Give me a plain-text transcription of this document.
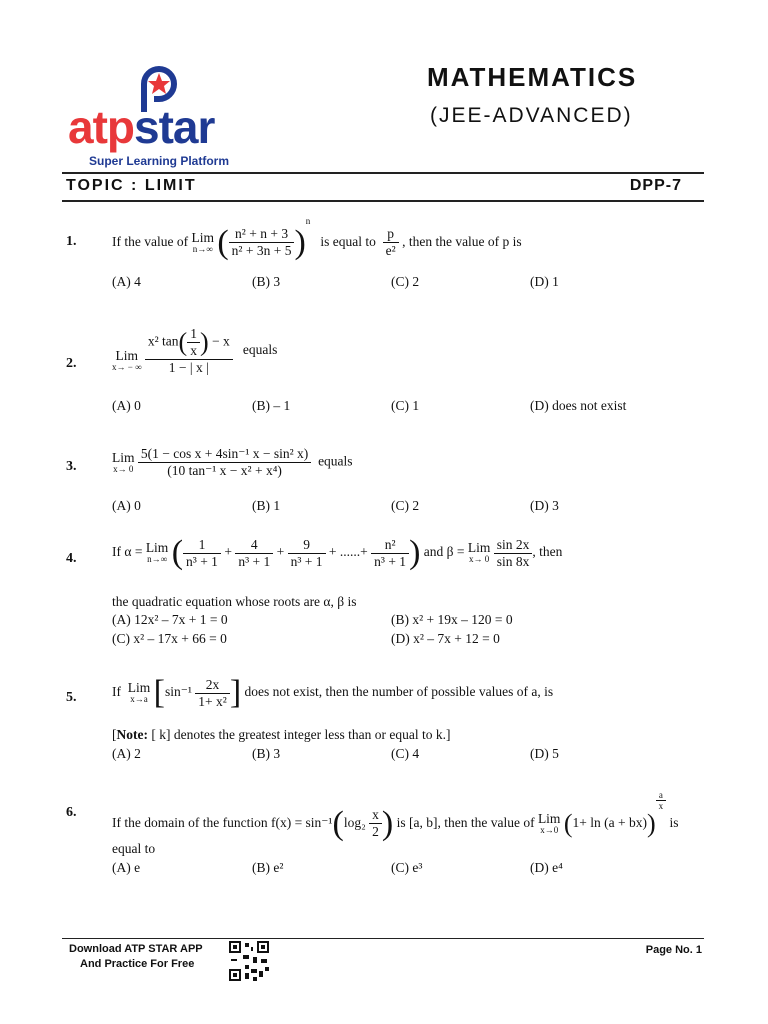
atpstar
Super Learning Platform
MATHEMATICS
(JEE-ADVANCED)
TOPIC : LIMIT	DPP-7
1.	If the value of Lim
n→∞ ( $\frac{\text{n² + n + 3}}{\text{n² + 3n + 5}} )^n$   is equal to $\frac{p}{\text{e²}}$ , then the value of p is
(A) 4	(B) 3	(C) 2	(D) 1
2.
Lim
x→ − ∞
$\frac{x^2 \tan( \frac{1}{x} ) - x}{1 - | x |}$ equals
(A) 0	(B) – 1	(C) 1	(D) does not exist
3.
Lim
x→ 0
$\frac{\text{5(1 − cos x + 4sin⁻¹ x − sin² x)}}{\text{(10 tan⁻¹ x − x² + x⁴)}}$ equals
(A) 0	(B) 1	(C) 2	(D) 3
4.	If α = Lim
n→∞ ( $\frac{1}{\text{n³ + 1}} + \frac{4}{\text{n³ + 1}} + \frac{9}{\text{n³ + 1}}$ + ......+ $\frac{\text{n²}}{\text{n³ + 1}}$ ) and β = Lim
x→ 0
$\frac{\sin 2x}{\sin 8x}$ , then
the quadratic equation whose roots are α, β is
(A) 12x² – 7x + 1 = 0	(B) x² + 19x – 120 = 0
(C) x² – 17x + 66 = 0	(D) x² – 7x + 12 = 0
5.	If Lim
x→a [$\sin^{-1} \frac{2x}{\text{1+ x²}}$ ] does not exist, then the number of possible values of a, is
[Note: [ k] denotes the greatest integer less than or equal to k.]
(A) 2	(B) 3	(C) 4	(D) 5
6.
If the domain of the function $f(x) = \sin^{-1}(\log_2 \frac{x}{2}$ ) is [a, b], then the value of Lim
x→0 (1+ ln (a + bx))
$\frac{a}{x}$
is
equal to
(A) e	(B) e²	(C) e³	(D) e⁴
Download ATP STAR APP
And Practice For Free
Page No. 1
